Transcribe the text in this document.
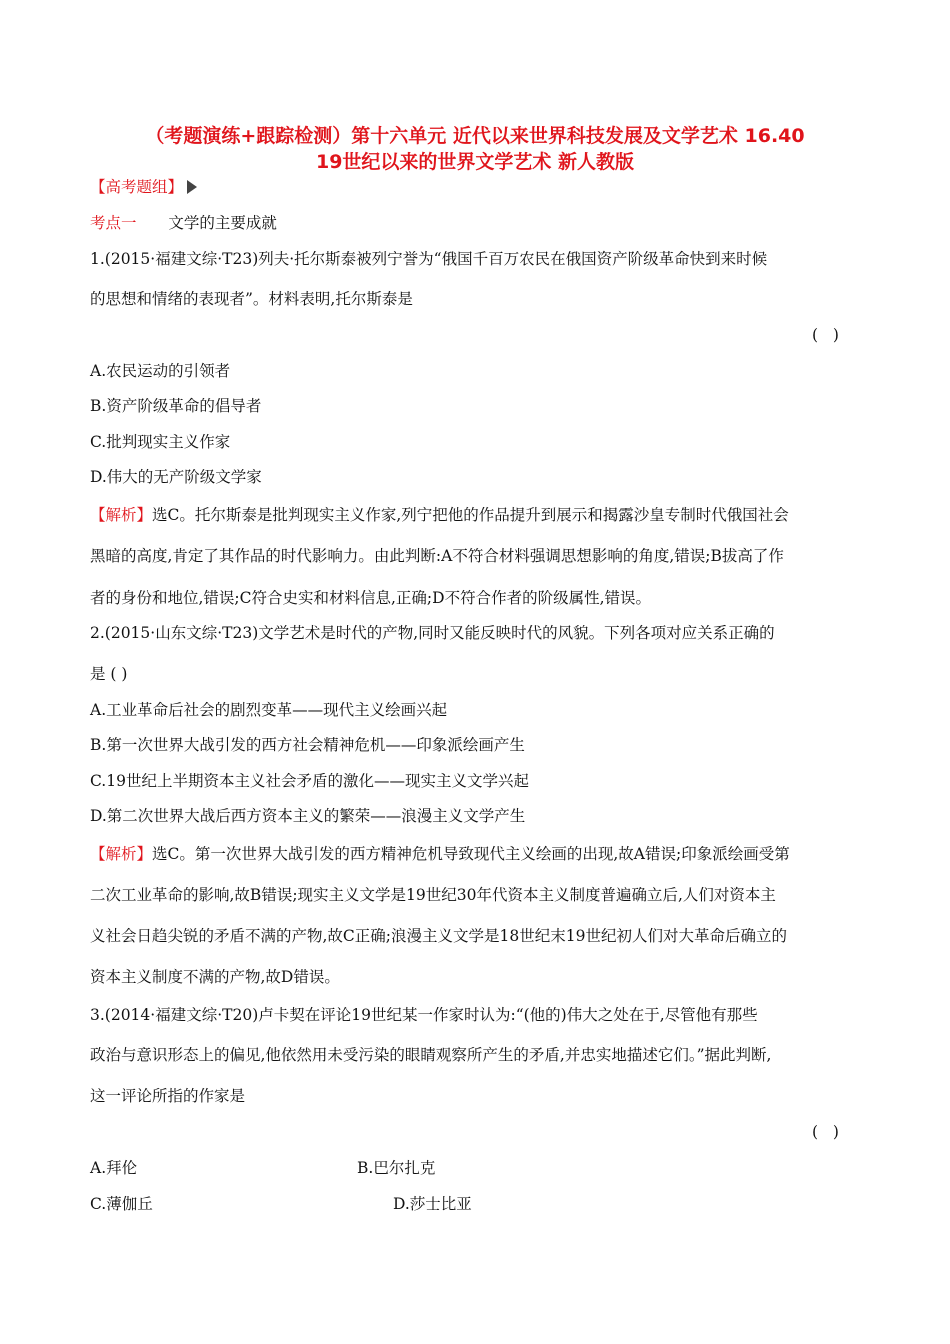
（考题演练+跟踪检测）第十六单元 近代以来世界科技发展及文学艺术 16.40
19世纪以来的世界文学艺术 新人教版
【高考题组】
考点一 文学的主要成就
1.(2015·福建文综·T23)列夫·托尔斯泰被列宁誉为“俄国千百万农民在俄国资产阶级革命快到来时候
的思想和情绪的表现者”。材料表明,托尔斯泰是
(   )
A.农民运动的引领者
B.资产阶级革命的倡导者
C.批判现实主义作家
D.伟大的无产阶级文学家
【解析】选C。托尔斯泰是批判现实主义作家,列宁把他的作品提升到展示和揭露沙皇专制时代俄国社会
黑暗的高度,肯定了其作品的时代影响力。由此判断:A不符合材料强调思想影响的角度,错误;B拔高了作
者的身份和地位,错误;C符合史实和材料信息,正确;D不符合作者的阶级属性,错误。
2.(2015·山东文综·T23)文学艺术是时代的产物,同时又能反映时代的风貌。下列各项对应关系正确的
是 ( )
A.工业革命后社会的剧烈变革——现代主义绘画兴起
B.第一次世界大战引发的西方社会精神危机——印象派绘画产生
C.19世纪上半期资本主义社会矛盾的激化——现实主义文学兴起
D.第二次世界大战后西方资本主义的繁荣——浪漫主义文学产生
【解析】选C。第一次世界大战引发的西方精神危机导致现代主义绘画的出现,故A错误;印象派绘画受第
二次工业革命的影响,故B错误;现实主义文学是19世纪30年代资本主义制度普遍确立后,人们对资本主
义社会日趋尖锐的矛盾不满的产物,故C正确;浪漫主义文学是18世纪末19世纪初人们对大革命后确立的
资本主义制度不满的产物,故D错误。
3.(2014·福建文综·T20)卢卡契在评论19世纪某一作家时认为:“(他的)伟大之处在于,尽管他有那些
政治与意识形态上的偏见,他依然用未受污染的眼睛观察所产生的矛盾,并忠实地描述它们。”据此判断,
这一评论所指的作家是
(   )
A.拜伦	B.巴尔扎克
C.薄伽丘	D.莎士比亚
